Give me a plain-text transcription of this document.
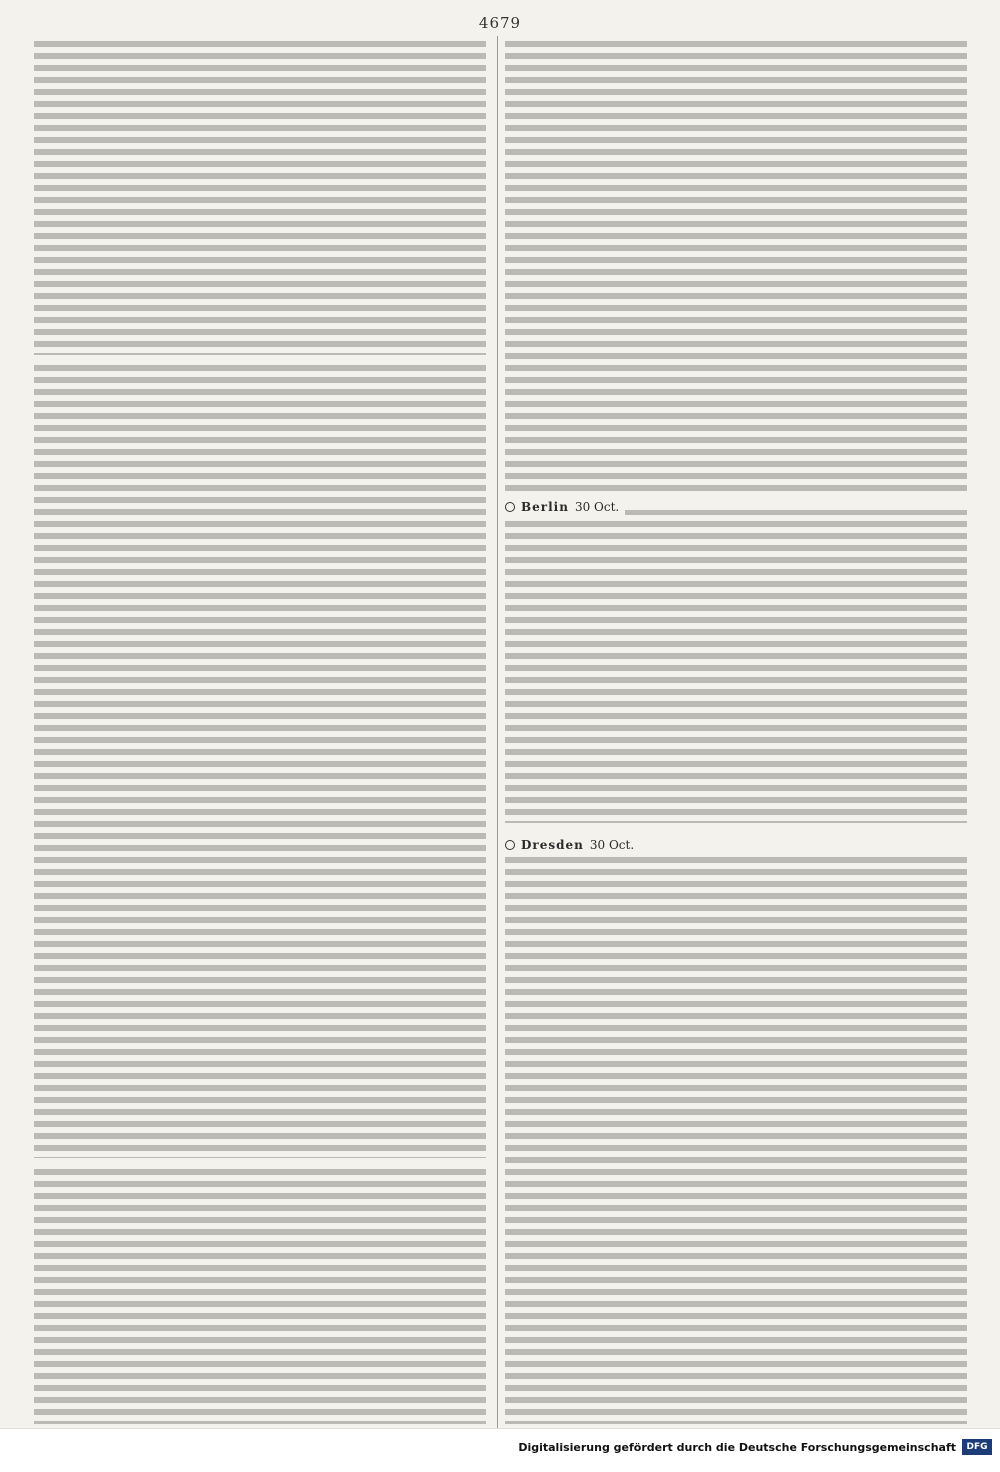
4679
Berlin 30 Oct.
Dresden 30 Oct.
Digitalisierung gefördert durch die Deutsche Forschungsgemeinschaft	DFG
